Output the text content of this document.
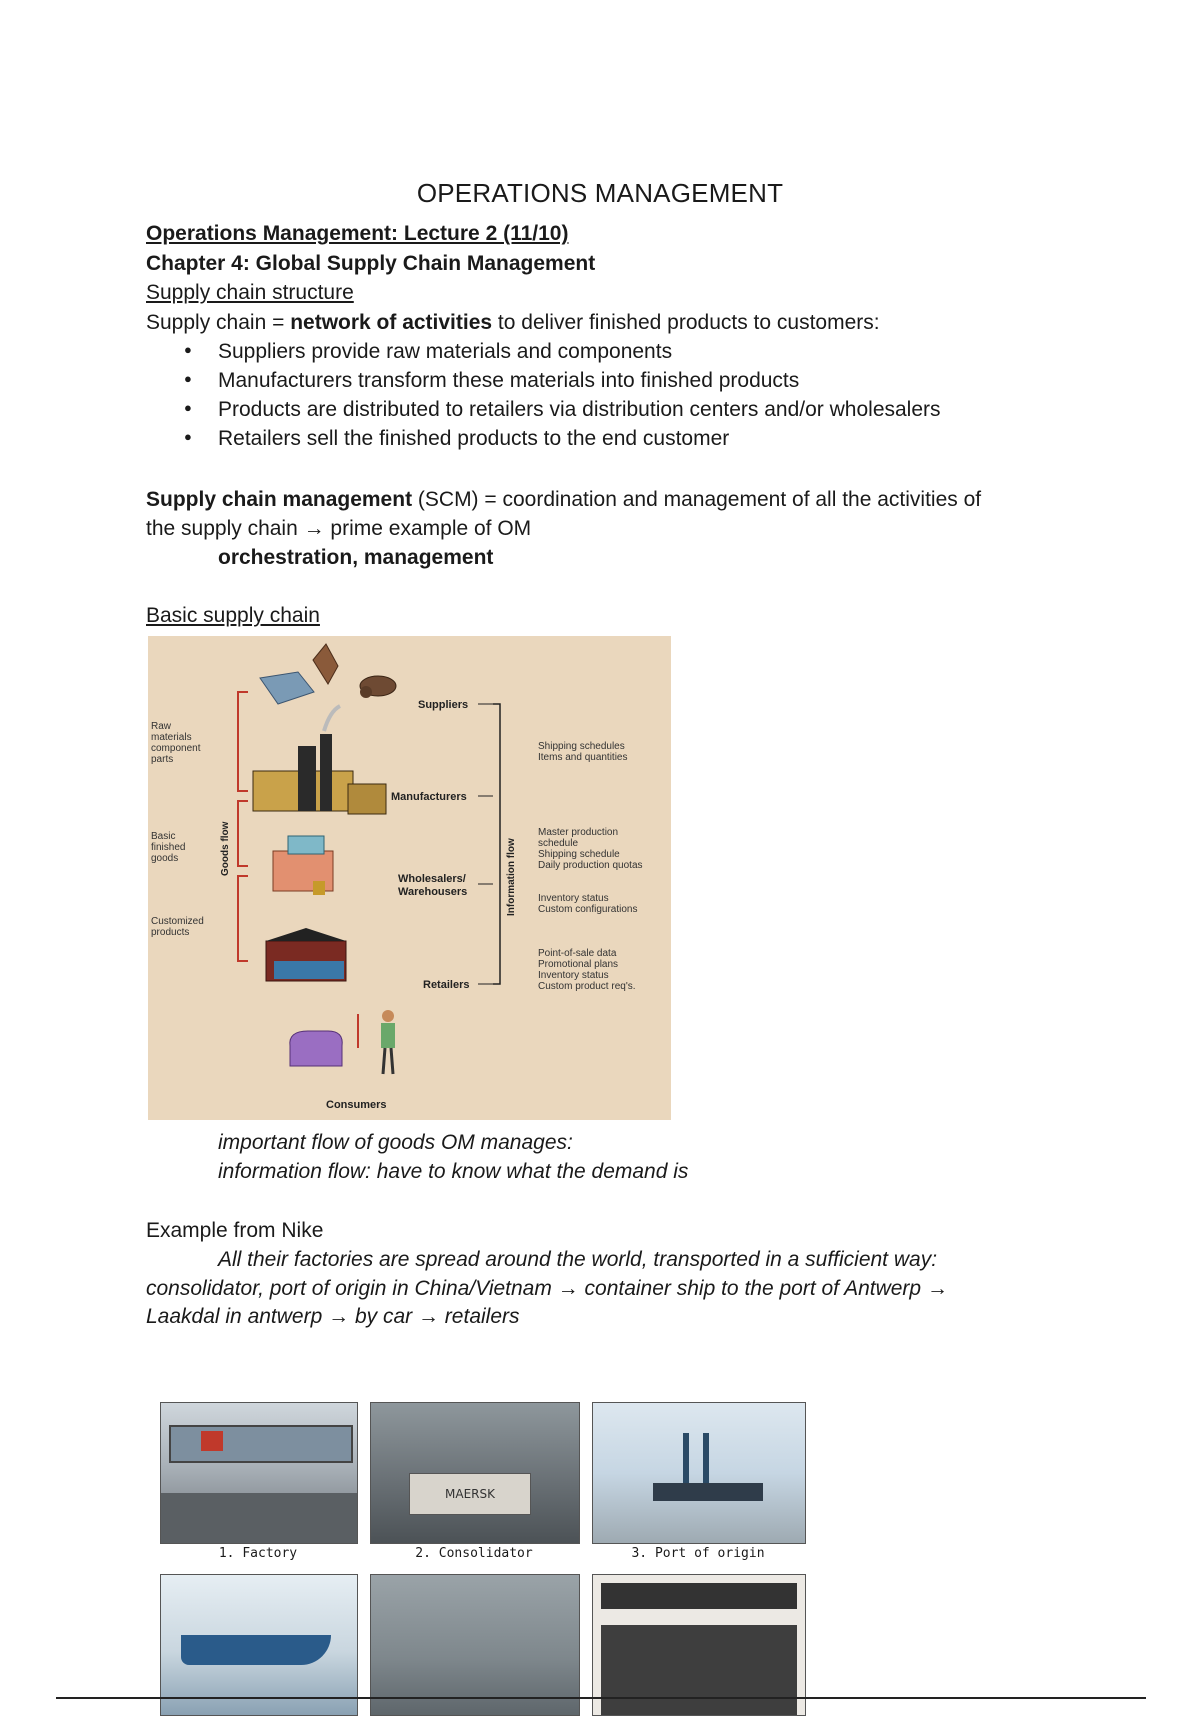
OPERATIONS MANAGEMENT
Operations Management: Lecture 2 (11/10)
Chapter 4: Global Supply Chain Management
Supply chain structure
Supply chain = network of activities to deliver finished products to customers:
● Suppliers provide raw materials and components
● Manufacturers transform these materials into finished products
● Products are distributed to retailers via distribution centers and/or wholesalers
● Retailers sell the finished products to the end customer
Supply chain management (SCM) = coordination and management of all the activities of
the supply chain → prime example of OM
orchestration, management
Basic supply chain
Raw
materials
component
parts
Basic
finished
goods
Customized
products
Goods flow	Information flow
Suppliers
Manufacturers
Wholesalers/
Warehousers
Retailers
Consumers
Shipping schedules
Items and quantities
Master production
schedule
Shipping schedule
Daily production quotas
Inventory status
Custom configurations
Point-of-sale data
Promotional plans
Inventory status
Custom product req's.
important flow of goods OM manages:
information flow: have to know what the demand is
Example from Nike
All their factories are spread around the world, transported in a sufficient way:
consolidator, port of origin in China/Vietnam → container ship to the port of Antwerp →
Laakdal in antwerp → by car → retailers
MAERSK
1. Factory	2. Consolidator	3. Port of origin
